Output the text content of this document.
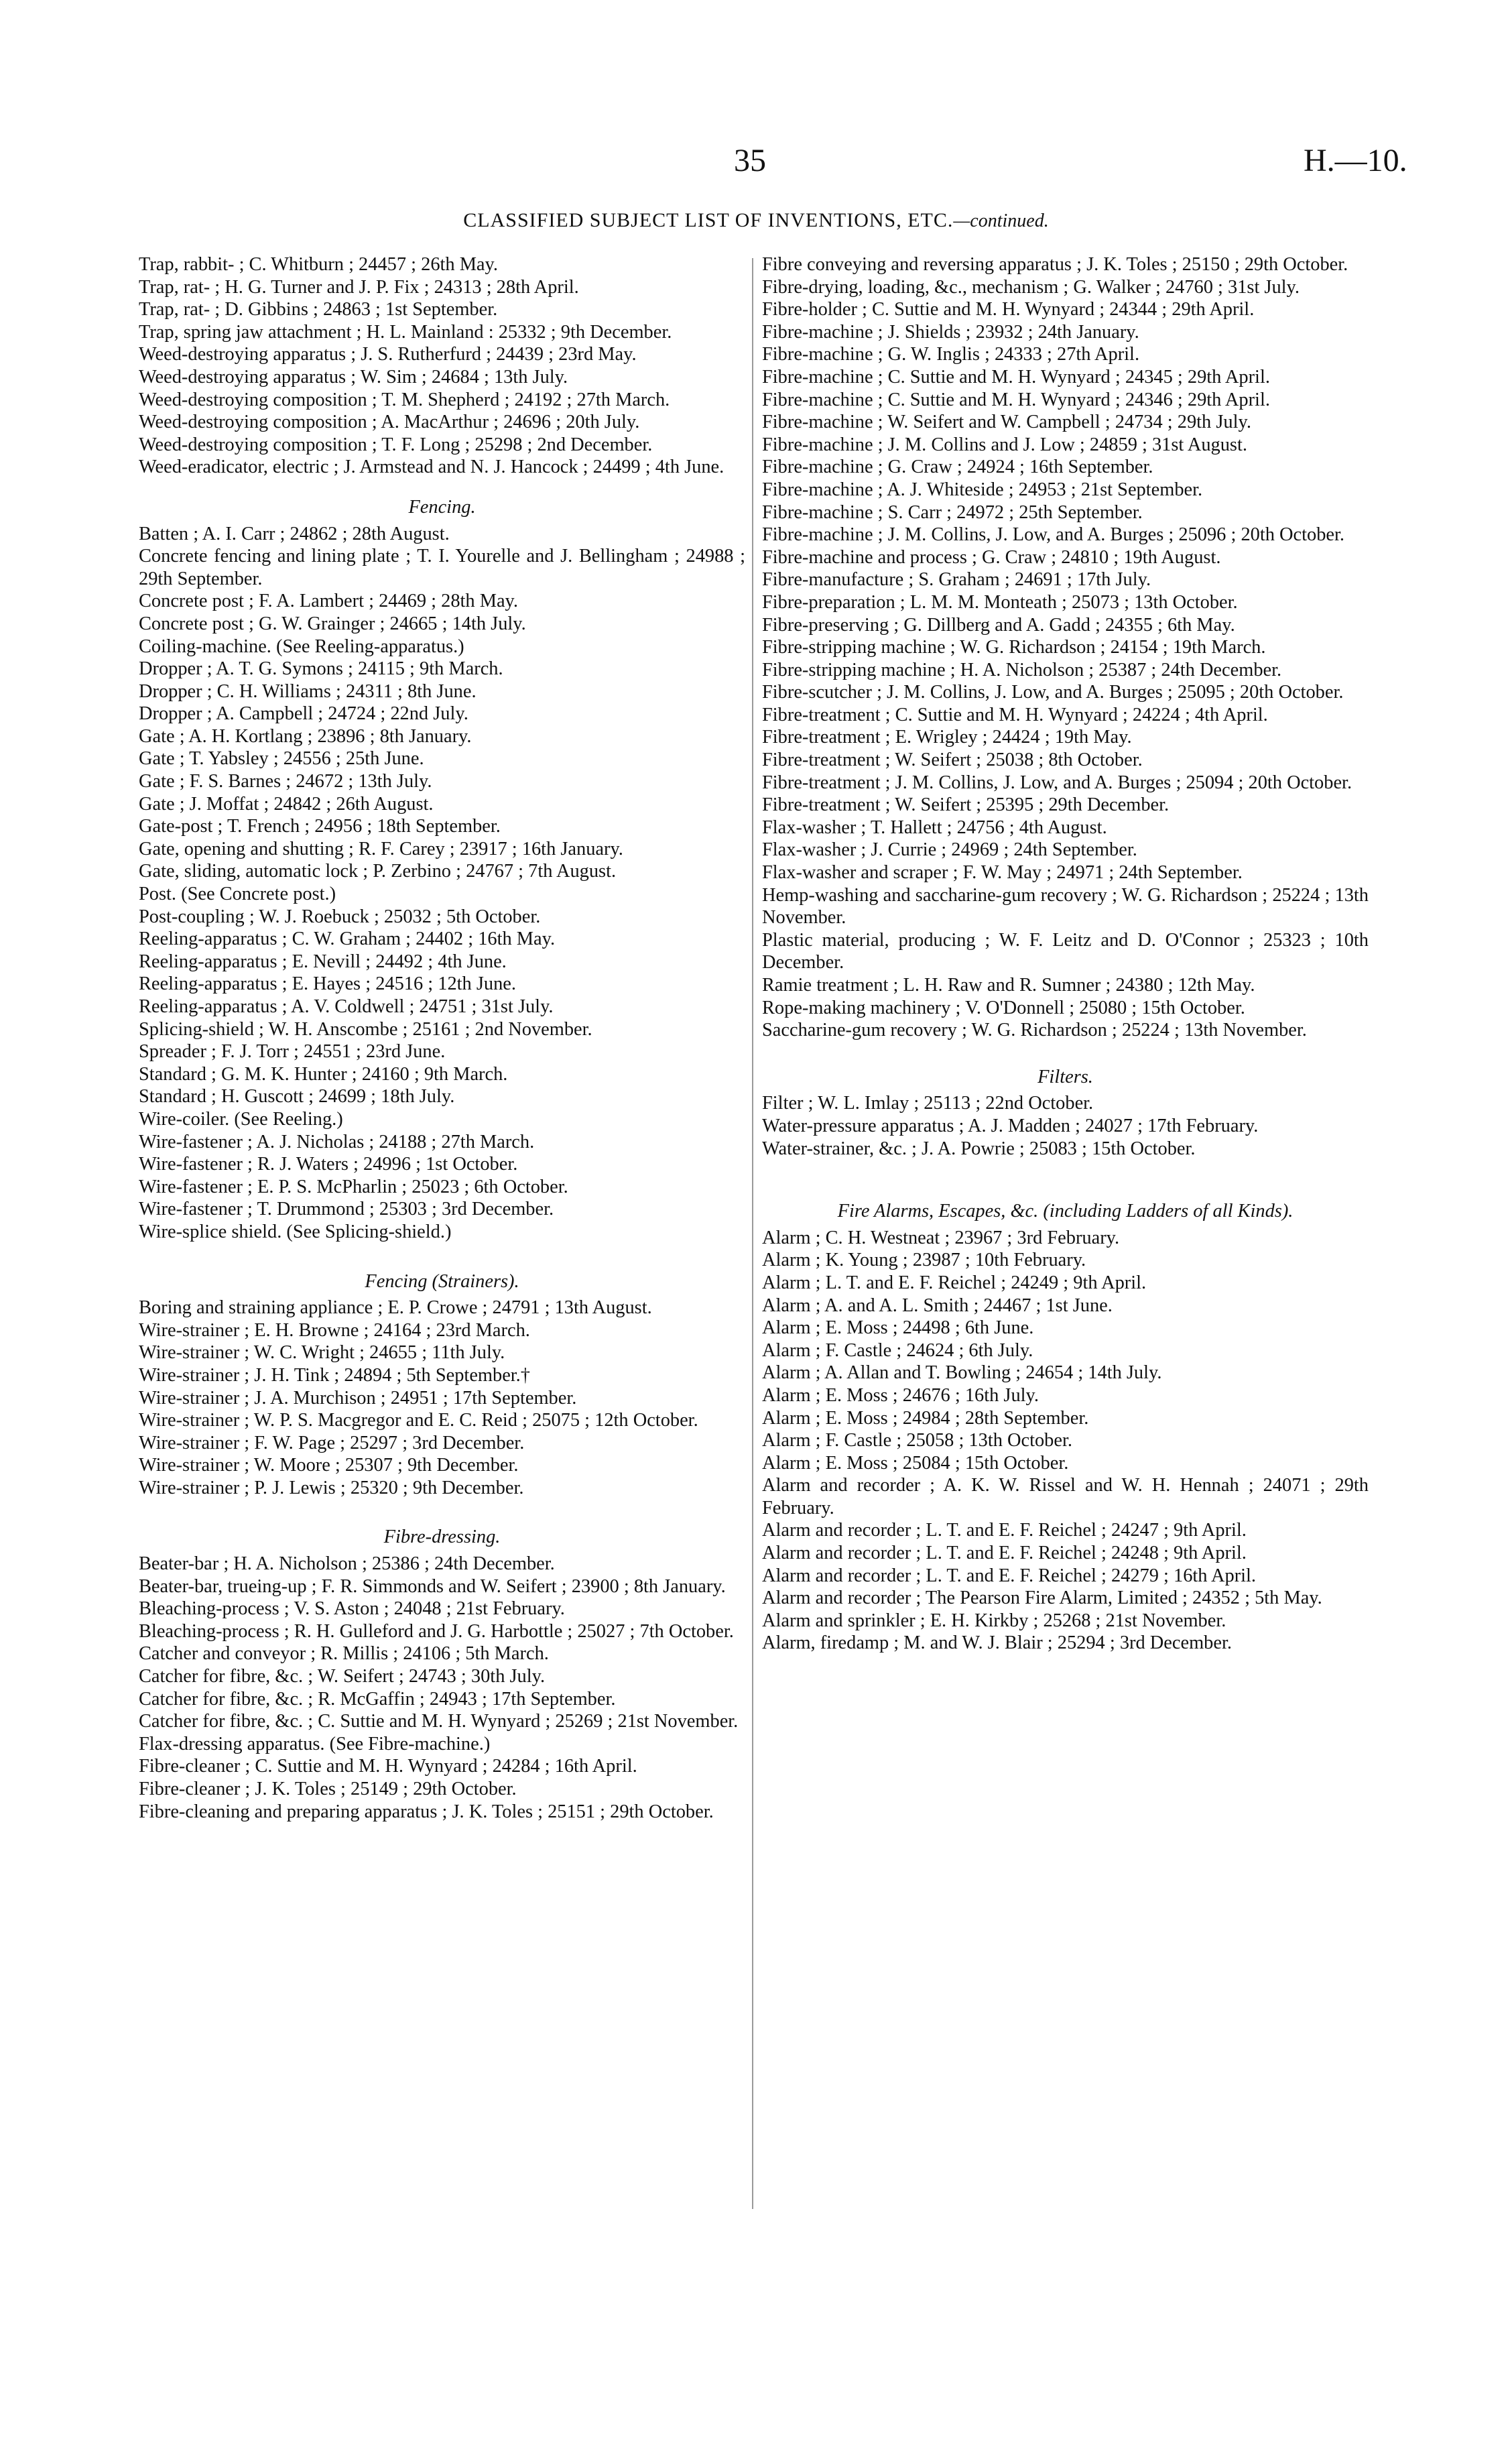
35	H.—10.
CLASSIFIED SUBJECT LIST OF INVENTIONS, ETC.—continued.

Trap, rabbit- ; C. Whitburn ; 24457 ; 26th May.

Trap, rat- ; H. G. Turner and J. P. Fix ; 24313 ; 28th April.

Trap, rat- ; D. Gibbins ; 24863 ; 1st September.

Trap, spring jaw attachment ; H. L. Mainland : 25332 ; 9th December.

Weed-destroying apparatus ; J. S. Rutherfurd ; 24439 ; 23rd May.

Weed-destroying apparatus ; W. Sim ; 24684 ; 13th July.

Weed-destroying composition ; T. M. Shepherd ; 24192 ; 27th March.

Weed-destroying composition ; A. MacArthur ; 24696 ; 20th July.

Weed-destroying composition ; T. F. Long ; 25298 ; 2nd December.

Weed-eradicator, electric ; J. Armstead and N. J. Hancock ; 24499 ; 4th June.

Fencing.

Batten ; A. I. Carr ; 24862 ; 28th August.

Concrete fencing and lining plate ; T. I. Yourelle and J. Bellingham ; 24988 ; 29th September.

Concrete post ; F. A. Lambert ; 24469 ; 28th May.

Concrete post ; G. W. Grainger ; 24665 ; 14th July.

Coiling-machine. (See Reeling-apparatus.)

Dropper ; A. T. G. Symons ; 24115 ; 9th March.

Dropper ; C. H. Williams ; 24311 ; 8th June.

Dropper ; A. Campbell ; 24724 ; 22nd July.

Gate ; A. H. Kortlang ; 23896 ; 8th January.

Gate ; T. Yabsley ; 24556 ; 25th June.

Gate ; F. S. Barnes ; 24672 ; 13th July.

Gate ; J. Moffat ; 24842 ; 26th August.

Gate-post ; T. French ; 24956 ; 18th September.

Gate, opening and shutting ; R. F. Carey ; 23917 ; 16th January.

Gate, sliding, automatic lock ; P. Zerbino ; 24767 ; 7th August.

Post. (See Concrete post.)

Post-coupling ; W. J. Roebuck ; 25032 ; 5th October.

Reeling-apparatus ; C. W. Graham ; 24402 ; 16th May.

Reeling-apparatus ; E. Nevill ; 24492 ; 4th June.

Reeling-apparatus ; E. Hayes ; 24516 ; 12th June.

Reeling-apparatus ; A. V. Coldwell ; 24751 ; 31st July.

Splicing-shield ; W. H. Anscombe ; 25161 ; 2nd November.

Spreader ; F. J. Torr ; 24551 ; 23rd June.

Standard ; G. M. K. Hunter ; 24160 ; 9th March.

Standard ; H. Guscott ; 24699 ; 18th July.

Wire-coiler. (See Reeling.)

Wire-fastener ; A. J. Nicholas ; 24188 ; 27th March.

Wire-fastener ; R. J. Waters ; 24996 ; 1st October.

Wire-fastener ; E. P. S. McPharlin ; 25023 ; 6th October.

Wire-fastener ; T. Drummond ; 25303 ; 3rd December.

Wire-splice shield. (See Splicing-shield.)

Fencing (Strainers).

Boring and straining appliance ; E. P. Crowe ; 24791 ; 13th August.

Wire-strainer ; E. H. Browne ; 24164 ; 23rd March.

Wire-strainer ; W. C. Wright ; 24655 ; 11th July.

Wire-strainer ; J. H. Tink ; 24894 ; 5th September.†

Wire-strainer ; J. A. Murchison ; 24951 ; 17th September.

Wire-strainer ; W. P. S. Macgregor and E. C. Reid ; 25075 ; 12th October.

Wire-strainer ; F. W. Page ; 25297 ; 3rd December.

Wire-strainer ; W. Moore ; 25307 ; 9th December.

Wire-strainer ; P. J. Lewis ; 25320 ; 9th December.

Fibre-dressing.

Beater-bar ; H. A. Nicholson ; 25386 ; 24th December.

Beater-bar, trueing-up ; F. R. Simmonds and W. Seifert ; 23900 ; 8th January.

Bleaching-process ; V. S. Aston ; 24048 ; 21st February.

Bleaching-process ; R. H. Gulleford and J. G. Harbottle ; 25027 ; 7th October.

Catcher and conveyor ; R. Millis ; 24106 ; 5th March.

Catcher for fibre, &c. ; W. Seifert ; 24743 ; 30th July.

Catcher for fibre, &c. ; R. McGaffin ; 24943 ; 17th September.

Catcher for fibre, &c. ; C. Suttie and M. H. Wynyard ; 25269 ; 21st November.

Flax-dressing apparatus. (See Fibre-machine.)

Fibre-cleaner ; C. Suttie and M. H. Wynyard ; 24284 ; 16th April.

Fibre-cleaner ; J. K. Toles ; 25149 ; 29th October.

Fibre-cleaning and preparing apparatus ; J. K. Toles ; 25151 ; 29th October.

Fibre conveying and reversing apparatus ; J. K. Toles ; 25150 ; 29th October.

Fibre-drying, loading, &c., mechanism ; G. Walker ; 24760 ; 31st July.

Fibre-holder ; C. Suttie and M. H. Wynyard ; 24344 ; 29th April.

Fibre-machine ; J. Shields ; 23932 ; 24th January.

Fibre-machine ; G. W. Inglis ; 24333 ; 27th April.

Fibre-machine ; C. Suttie and M. H. Wynyard ; 24345 ; 29th April.

Fibre-machine ; C. Suttie and M. H. Wynyard ; 24346 ; 29th April.

Fibre-machine ; W. Seifert and W. Campbell ; 24734 ; 29th July.

Fibre-machine ; J. M. Collins and J. Low ; 24859 ; 31st August.

Fibre-machine ; G. Craw ; 24924 ; 16th September.

Fibre-machine ; A. J. Whiteside ; 24953 ; 21st September.

Fibre-machine ; S. Carr ; 24972 ; 25th September.

Fibre-machine ; J. M. Collins, J. Low, and A. Burges ; 25096 ; 20th October.

Fibre-machine and process ; G. Craw ; 24810 ; 19th August.

Fibre-manufacture ; S. Graham ; 24691 ; 17th July.

Fibre-preparation ; L. M. M. Monteath ; 25073 ; 13th October.

Fibre-preserving ; G. Dillberg and A. Gadd ; 24355 ; 6th May.

Fibre-stripping machine ; W. G. Richardson ; 24154 ; 19th March.

Fibre-stripping machine ; H. A. Nicholson ; 25387 ; 24th December.

Fibre-scutcher ; J. M. Collins, J. Low, and A. Burges ; 25095 ; 20th October.

Fibre-treatment ; C. Suttie and M. H. Wynyard ; 24224 ; 4th April.

Fibre-treatment ; E. Wrigley ; 24424 ; 19th May.

Fibre-treatment ; W. Seifert ; 25038 ; 8th October.

Fibre-treatment ; J. M. Collins, J. Low, and A. Burges ; 25094 ; 20th October.

Fibre-treatment ; W. Seifert ; 25395 ; 29th December.

Flax-washer ; T. Hallett ; 24756 ; 4th August.

Flax-washer ; J. Currie ; 24969 ; 24th September.

Flax-washer and scraper ; F. W. May ; 24971 ; 24th September.

Hemp-washing and saccharine-gum recovery ; W. G. Richardson ; 25224 ; 13th November.

Plastic material, producing ; W. F. Leitz and D. O'Connor ; 25323 ; 10th December.

Ramie treatment ; L. H. Raw and R. Sumner ; 24380 ; 12th May.

Rope-making machinery ; V. O'Donnell ; 25080 ; 15th October.

Saccharine-gum recovery ; W. G. Richardson ; 25224 ; 13th November.

Filters.

Filter ; W. L. Imlay ; 25113 ; 22nd October.

Water-pressure apparatus ; A. J. Madden ; 24027 ; 17th February.

Water-strainer, &c. ; J. A. Powrie ; 25083 ; 15th October.

Fire Alarms, Escapes, &c. (including Ladders of all Kinds).

Alarm ; C. H. Westneat ; 23967 ; 3rd February.

Alarm ; K. Young ; 23987 ; 10th February.

Alarm ; L. T. and E. F. Reichel ; 24249 ; 9th April.

Alarm ; A. and A. L. Smith ; 24467 ; 1st June.

Alarm ; E. Moss ; 24498 ; 6th June.

Alarm ; F. Castle ; 24624 ; 6th July.

Alarm ; A. Allan and T. Bowling ; 24654 ; 14th July.

Alarm ; E. Moss ; 24676 ; 16th July.

Alarm ; E. Moss ; 24984 ; 28th September.

Alarm ; F. Castle ; 25058 ; 13th October.

Alarm ; E. Moss ; 25084 ; 15th October.

Alarm and recorder ; A. K. W. Rissel and W. H. Hennah ; 24071 ; 29th February.

Alarm and recorder ; L. T. and E. F. Reichel ; 24247 ; 9th April.

Alarm and recorder ; L. T. and E. F. Reichel ; 24248 ; 9th April.

Alarm and recorder ; L. T. and E. F. Reichel ; 24279 ; 16th April.

Alarm and recorder ; The Pearson Fire Alarm, Limited ; 24352 ; 5th May.

Alarm and sprinkler ; E. H. Kirkby ; 25268 ; 21st November.

Alarm, firedamp ; M. and W. J. Blair ; 25294 ; 3rd December.
